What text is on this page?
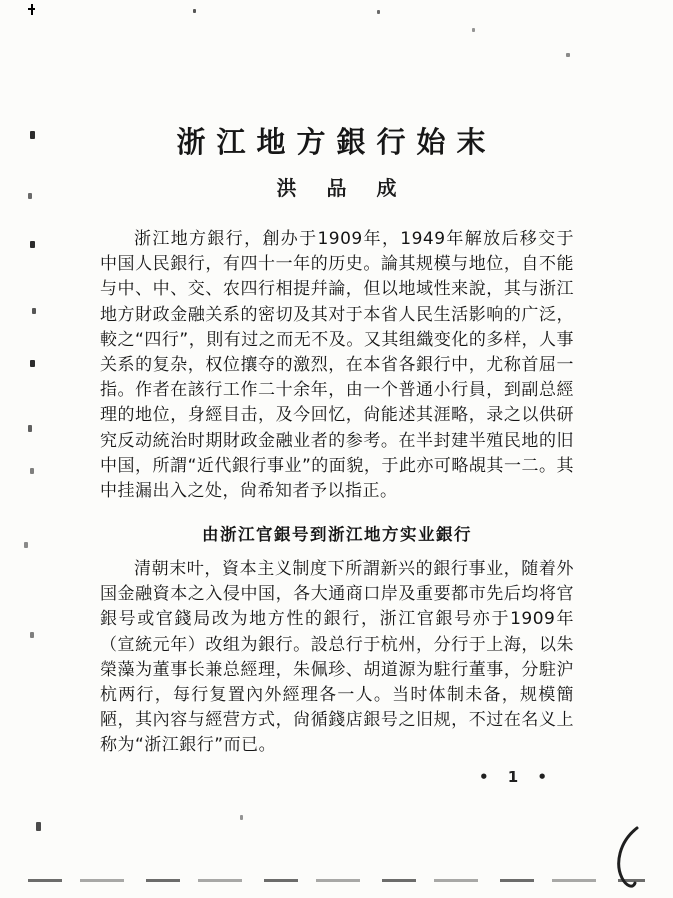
浙江地方銀行始末
洪品成

浙江地方銀行，創办于1909年，1949年解放后移交于中国人民銀行，有四十一年的历史。論其规模与地位，自不能与中、中、交、农四行相提幷論，但以地域性来說，其与浙江地方財政金融关系的密切及其对于本省人民生活影响的广泛，較之“四行”，則有过之而无不及。又其组織变化的多样，人事关系的复杂，权位攘夺的激烈，在本省各銀行中，尤称首屈一指。作者在該行工作二十余年，由一个普通小行員，到副总經理的地位，身經目击，及今回忆，尙能述其涯略，录之以供研究反动統治时期財政金融业者的参考。在半封建半殖民地的旧中国，所謂“近代銀行事业”的面貌，于此亦可略覘其一二。其中挂漏出入之处，尙希知者予以指正。

由浙江官銀号到浙江地方实业銀行

清朝末叶，資本主义制度下所謂新兴的銀行事业，随着外国金融資本之入侵中国，各大通商口岸及重要都市先后均将官銀号或官錢局改为地方性的銀行，浙江官銀号亦于1909年（宣統元年）改组为銀行。設总行于杭州，分行于上海，以朱榮藻为董事长兼总經理，朱佩珍、胡道源为駐行董事，分駐沪杭两行，每行复置內外經理各一人。当时体制未备，规模簡陋，其內容与經营方式，尙循錢店銀号之旧规，不过在名义上称为“浙江銀行”而已。

• 1 •
